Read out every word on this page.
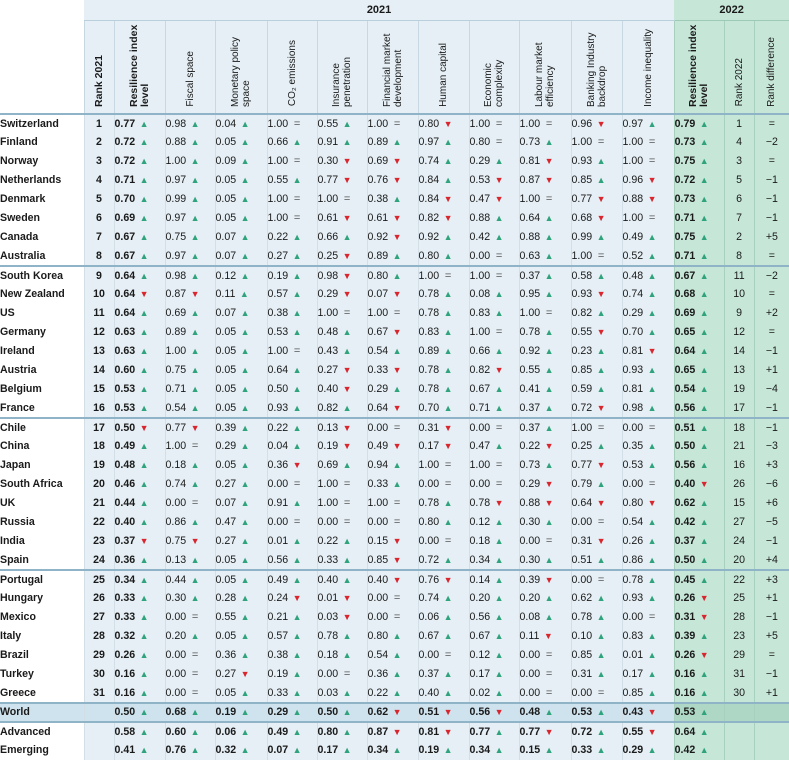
	2021												2022		

	Rank 2021	Resilience index level	Fiscal space	Monetary policy space	CO₂ emissions	Insurance penetration	Financial market development	Human capital	Economic complexity	Labour market efficiency	Banking Industry backdrop	Income inequality	Resilience index level	Rank 2022	Rank difference

Switzerland	1	0.77 ▲	0.98 ▲	0.04 ▲	1.00 =	0.55 ▲	1.00 =	0.80 ▼	1.00 =	1.00 =	0.96 ▼	0.97 ▲	0.79 ▲	1	=
Finland	2	0.72 ▲	0.88 ▲	0.05 ▲	0.66 ▲	0.91 ▲	0.89 ▲	0.97 ▲	0.80 =	0.73 ▲	1.00 =	1.00 =	0.73 ▲	4	−2
Norway	3	0.72 ▲	1.00 ▲	0.09 ▲	1.00 =	0.30 ▼	0.69 ▼	0.74 ▲	0.29 ▲	0.81 ▼	0.93 ▲	1.00 =	0.75 ▲	3	=
Netherlands	4	0.71 ▲	0.97 ▲	0.05 ▲	0.55 ▲	0.77 ▼	0.76 ▼	0.84 ▲	0.53 ▼	0.87 ▼	0.85 ▲	0.96 ▼	0.72 ▲	5	−1
Denmark	5	0.70 ▲	0.99 ▲	0.05 ▲	1.00 =	1.00 =	0.38 ▲	0.84 ▼	0.47 ▼	1.00 =	0.77 ▼	0.88 ▼	0.73 ▲	6	−1
Sweden	6	0.69 ▲	0.97 ▲	0.05 ▲	1.00 =	0.61 ▼	0.61 ▼	0.82 ▼	0.88 ▲	0.64 ▲	0.68 ▼	1.00 =	0.71 ▲	7	−1
Canada	7	0.67 ▲	0.75 ▲	0.07 ▲	0.22 ▲	0.66 ▲	0.92 ▼	0.92 ▲	0.42 ▲	0.88 ▲	0.99 ▲	0.49 ▲	0.75 ▲	2	+5
Australia	8	0.67 ▲	0.97 ▲	0.07 ▲	0.27 ▲	0.25 ▼	0.89 ▲	0.80 ▲	0.00 =	0.63 ▲	1.00 =	0.52 ▲	0.71 ▲	8	=
South Korea	9	0.64 ▲	0.98 ▲	0.12 ▲	0.19 ▲	0.98 ▼	0.80 ▲	1.00 =	1.00 =	0.37 ▲	0.58 ▲	0.48 ▲	0.67 ▲	11	−2
New Zealand	10	0.64 ▼	0.87 ▼	0.11 ▲	0.57 ▲	0.29 ▼	0.07 ▼	0.78 ▲	0.08 ▲	0.95 ▲	0.93 ▼	0.74 ▲	0.68 ▲	10	=
US	11	0.64 ▲	0.69 ▲	0.07 ▲	0.38 ▲	1.00 =	1.00 =	0.78 ▲	0.83 ▲	1.00 =	0.82 ▲	0.29 ▲	0.69 ▲	9	+2
Germany	12	0.63 ▲	0.89 ▲	0.05 ▲	0.53 ▲	0.48 ▲	0.67 ▼	0.83 ▲	1.00 =	0.78 ▲	0.55 ▼	0.70 ▲	0.65 ▲	12	=
Ireland	13	0.63 ▲	1.00 ▲	0.05 ▲	1.00 =	0.43 ▲	0.54 ▲	0.89 ▲	0.66 ▲	0.92 ▲	0.23 ▲	0.81 ▼	0.64 ▲	14	−1
Austria	14	0.60 ▲	0.75 ▲	0.05 ▲	0.64 ▲	0.27 ▼	0.33 ▼	0.78 ▲	0.82 ▼	0.55 ▲	0.85 ▲	0.93 ▲	0.65 ▲	13	+1
Belgium	15	0.53 ▲	0.71 ▲	0.05 ▲	0.50 ▲	0.40 ▼	0.29 ▲	0.78 ▲	0.67 ▲	0.41 ▲	0.59 ▲	0.81 ▲	0.54 ▲	19	−4
France	16	0.53 ▲	0.54 ▲	0.05 ▲	0.93 ▲	0.82 ▲	0.64 ▼	0.70 ▲	0.71 ▲	0.37 ▲	0.72 ▼	0.98 ▲	0.56 ▲	17	−1
Chile	17	0.50 ▼	0.77 ▼	0.39 ▲	0.22 ▲	0.13 ▼	0.00 =	0.31 ▼	0.00 =	0.37 ▲	1.00 =	0.00 =	0.51 ▲	18	−1
China	18	0.49 ▲	1.00 =	0.29 ▲	0.04 ▲	0.19 ▼	0.49 ▼	0.17 ▼	0.47 ▲	0.22 ▼	0.25 ▲	0.35 ▲	0.50 ▲	21	−3
Japan	19	0.48 ▲	0.18 ▲	0.05 ▲	0.36 ▼	0.69 ▲	0.94 ▲	1.00 =	1.00 =	0.73 ▲	0.77 ▼	0.53 ▲	0.56 ▲	16	+3
South Africa	20	0.46 ▲	0.74 ▲	0.27 ▲	0.00 =	1.00 =	0.33 ▲	0.00 =	0.00 =	0.29 ▼	0.79 ▲	0.00 =	0.40 ▼	26	−6
UK	21	0.44 ▲	0.00 =	0.07 ▲	0.91 ▲	1.00 =	1.00 =	0.78 ▲	0.78 ▼	0.88 ▼	0.64 ▼	0.80 ▼	0.62 ▲	15	+6
Russia	22	0.40 ▲	0.86 ▲	0.47 ▲	0.00 =	0.00 =	0.00 =	0.80 ▲	0.12 ▲	0.30 ▲	0.00 =	0.54 ▲	0.42 ▲	27	−5
India	23	0.37 ▼	0.75 ▼	0.27 ▲	0.01 ▲	0.22 ▲	0.15 ▼	0.00 =	0.18 ▲	0.00 =	0.31 ▼	0.26 ▲	0.37 ▲	24	−1
Spain	24	0.36 ▲	0.13 ▲	0.05 ▲	0.56 ▲	0.33 ▲	0.85 ▼	0.72 ▲	0.34 ▲	0.30 ▲	0.51 ▲	0.86 ▲	0.50 ▲	20	+4
Portugal	25	0.34 ▲	0.44 ▲	0.05 ▲	0.49 ▲	0.40 ▲	0.40 ▼	0.76 ▼	0.14 ▲	0.39 ▼	0.00 =	0.78 ▲	0.45 ▲	22	+3
Hungary	26	0.33 ▲	0.30 ▲	0.28 ▲	0.24 ▼	0.01 ▼	0.00 =	0.74 ▲	0.20 ▲	0.20 ▲	0.62 ▲	0.93 ▲	0.26 ▼	25	+1
Mexico	27	0.33 ▲	0.00 =	0.55 ▲	0.21 ▲	0.03 ▼	0.00 =	0.06 ▲	0.56 ▲	0.08 ▲	0.78 ▲	0.00 =	0.31 ▼	28	−1
Italy	28	0.32 ▲	0.20 ▲	0.05 ▲	0.57 ▲	0.78 ▲	0.80 ▲	0.67 ▲	0.67 ▲	0.11 ▼	0.10 ▲	0.83 ▲	0.39 ▲	23	+5
Brazil	29	0.26 ▲	0.00 =	0.36 ▲	0.38 ▲	0.18 ▲	0.54 ▲	0.00 =	0.12 ▲	0.00 =	0.85 ▲	0.01 ▲	0.26 ▼	29	=
Turkey	30	0.16 ▲	0.00 =	0.27 ▼	0.19 ▲	0.00 =	0.36 ▲	0.37 ▲	0.17 ▲	0.00 =	0.31 ▲	0.17 ▲	0.16 ▲	31	−1
Greece	31	0.16 ▲	0.00 =	0.05 ▲	0.33 ▲	0.03 ▲	0.22 ▲	0.40 ▲	0.02 ▲	0.00 =	0.00 =	0.85 ▲	0.16 ▲	30	+1
World		0.50 ▲	0.68 ▲	0.19 ▲	0.29 ▲	0.50 ▲	0.62 ▼	0.51 ▼	0.56 ▼	0.48 ▲	0.53 ▲	0.43 ▼	0.53 ▲		
Advanced		0.58 ▲	0.60 ▲	0.06 ▲	0.49 ▲	0.80 ▲	0.87 ▼	0.81 ▼	0.77 ▲	0.77 ▼	0.72 ▲	0.55 ▼	0.64 ▲		
Emerging		0.41 ▲	0.76 ▲	0.32 ▲	0.07 ▲	0.17 ▲	0.34 ▲	0.19 ▲	0.34 ▲	0.15 ▲	0.33 ▲	0.29 ▲	0.42 ▲		
